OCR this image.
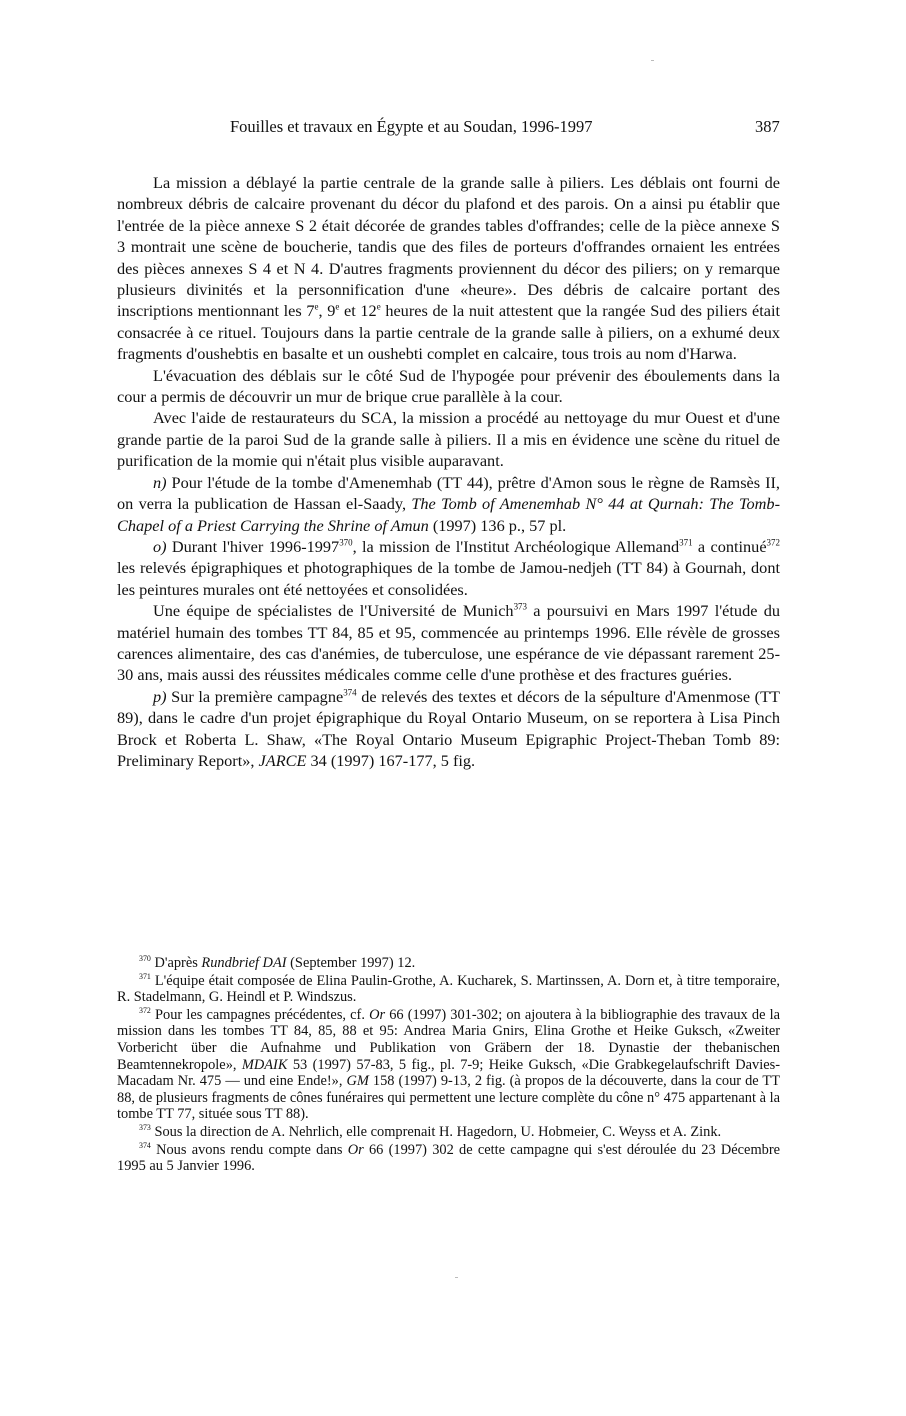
Fouilles et travaux en Égypte et au Soudan, 1996-1997	387

La mission a déblayé la partie centrale de la grande salle à piliers. Les déblais ont fourni de nombreux débris de calcaire provenant du décor du plafond et des parois. On a ainsi pu établir que l'entrée de la pièce annexe S 2 était décorée de grandes tables d'offrandes; celle de la pièce annexe S 3 montrait une scène de boucherie, tandis que des files de porteurs d'offrandes ornaient les entrées des pièces annexes S 4 et N 4. D'autres fragments proviennent du décor des piliers; on y remarque plusieurs divinités et la personnification d'une «heure». Des débris de calcaire portant des inscriptions mentionnant les 7e, 9e et 12e heures de la nuit attestent que la rangée Sud des piliers était consacrée à ce rituel. Toujours dans la partie centrale de la grande salle à piliers, on a exhumé deux fragments d'oushebtis en basalte et un oushebti complet en calcaire, tous trois au nom d'Harwa.

L'évacuation des déblais sur le côté Sud de l'hypogée pour prévenir des éboulements dans la cour a permis de découvrir un mur de brique crue parallèle à la cour.

Avec l'aide de restaurateurs du SCA, la mission a procédé au nettoyage du mur Ouest et d'une grande partie de la paroi Sud de la grande salle à piliers. Il a mis en évidence une scène du rituel de purification de la momie qui n'était plus visible auparavant.

n) Pour l'étude de la tombe d'Amenemhab (TT 44), prêtre d'Amon sous le règne de Ramsès II, on verra la publication de Hassan el-Saady, The Tomb of Amenemhab N° 44 at Qurnah: The Tomb-Chapel of a Priest Carrying the Shrine of Amun (1997) 136 p., 57 pl.

o) Durant l'hiver 1996-1997$^{370}$, la mission de l'Institut Archéologique Allemand$^{371}$ a continué$^{372}$ les relevés épigraphiques et photographiques de la tombe de Jamou-nedjeh (TT 84) à Gournah, dont les peintures murales ont été nettoyées et consolidées.

Une équipe de spécialistes de l'Université de Munich$^{373}$ a poursuivi en Mars 1997 l'étude du matériel humain des tombes TT 84, 85 et 95, commencée au printemps 1996. Elle révèle de grosses carences alimentaire, des cas d'anémies, de tuberculose, une espérance de vie dépassant rarement 25-30 ans, mais aussi des réussites médicales comme celle d'une prothèse et des fractures guéries.

p) Sur la première campagne$^{374}$ de relevés des textes et décors de la sépulture d'Amenmose (TT 89), dans le cadre d'un projet épigraphique du Royal Ontario Museum, on se reportera à Lisa Pinch Brock et Roberta L. Shaw, «The Royal Ontario Museum Epigraphic Project-Theban Tomb 89: Preliminary Report», JARCE 34 (1997) 167-177, 5 fig.

$^{370}$ D'après Rundbrief DAI (September 1997) 12.

$^{371}$ L'équipe était composée de Elina Paulin-Grothe, A. Kucharek, S. Martinssen, A. Dorn et, à titre temporaire, R. Stadelmann, G. Heindl et P. Windszus.

$^{372}$ Pour les campagnes précédentes, cf. Or 66 (1997) 301-302; on ajoutera à la bibliographie des travaux de la mission dans les tombes TT 84, 85, 88 et 95: Andrea Maria Gnirs, Elina Grothe et Heike Guksch, «Zweiter Vorbericht über die Aufnahme und Publikation von Gräbern der 18. Dynastie der thebanischen Beamtennekropole», MDAIK 53 (1997) 57-83, 5 fig., pl. 7-9; Heike Guksch, «Die Grabkegelaufschrift Davies-Macadam Nr. 475 — und eine Ende!», GM 158 (1997) 9-13, 2 fig. (à propos de la découverte, dans la cour de TT 88, de plusieurs fragments de cônes funéraires qui permettent une lecture complète du cône n° 475 appartenant à la tombe TT 77, située sous TT 88).

$^{373}$ Sous la direction de A. Nehrlich, elle comprenait H. Hagedorn, U. Hobmeier, C. Weyss et A. Zink.

$^{374}$ Nous avons rendu compte dans Or 66 (1997) 302 de cette campagne qui s'est déroulée du 23 Décembre 1995 au 5 Janvier 1996.
